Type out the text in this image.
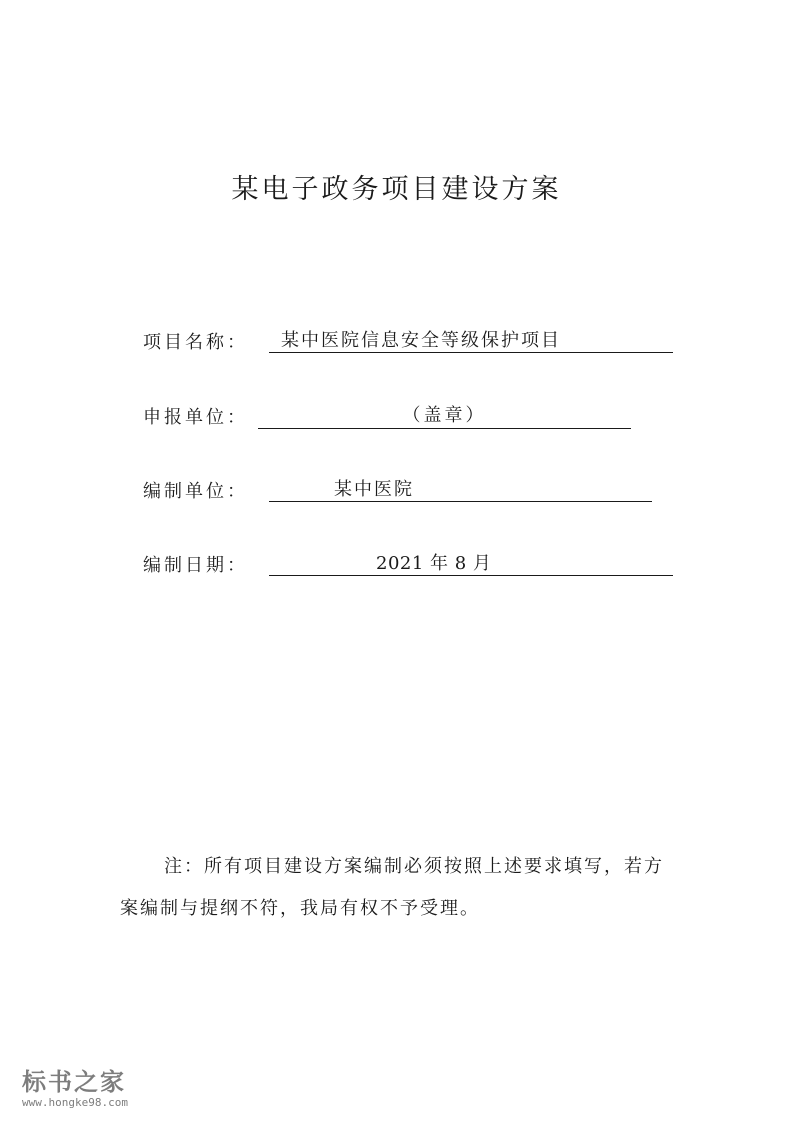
某电子政务项目建设方案
项目名称：	某中医院信息安全等级保护项目
申报单位：	（盖章）
编制单位：	某中医院
编制日期：	2021 年 8 月
注：所有项目建设方案编制必须按照上述要求填写，若方案编制与提纲不符，我局有权不予受理。
标书之家
www.hongke98.com
